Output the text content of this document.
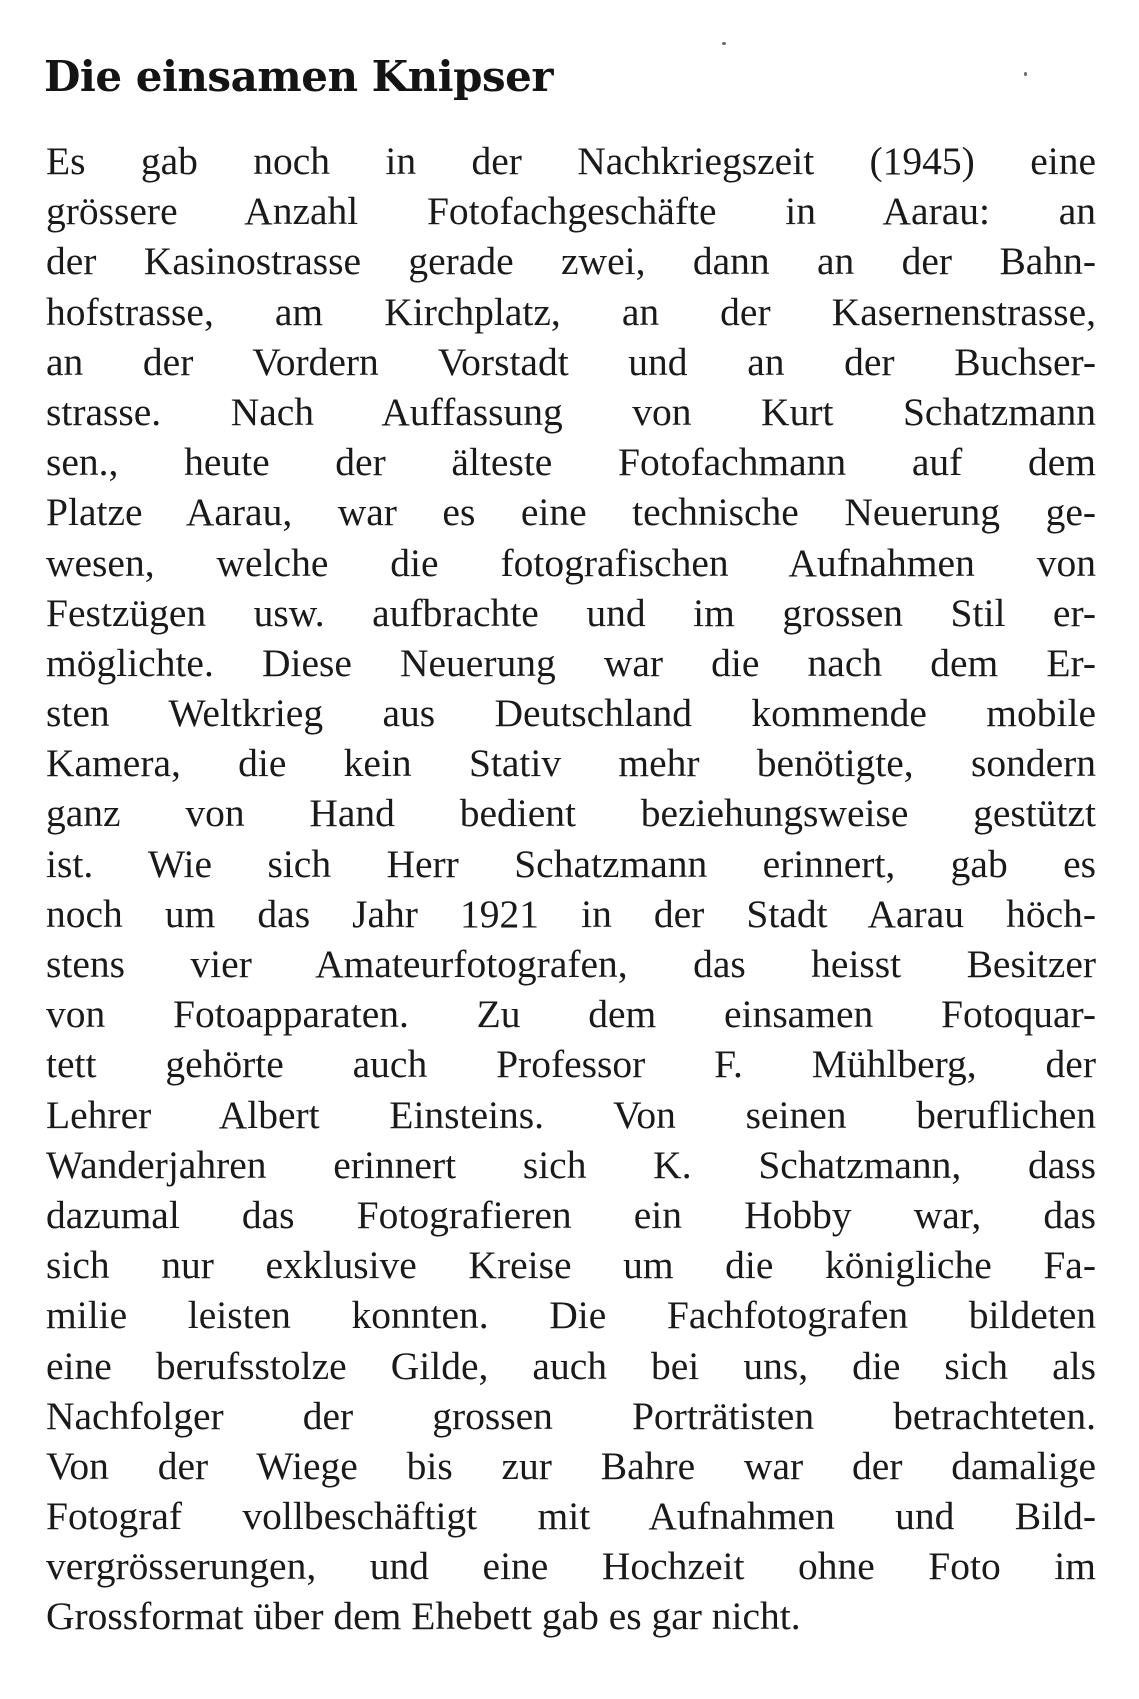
Die einsamen Knipser
Es gab noch in der Nachkriegszeit (1945) eine
grössere Anzahl Fotofachgeschäfte in Aarau: an
der Kasinostrasse gerade zwei, dann an der Bahn-
hofstrasse, am Kirchplatz, an der Kasernenstrasse,
an der Vordern Vorstadt und an der Buchser-
strasse. Nach Auffassung von Kurt Schatzmann
sen., heute der älteste Fotofachmann auf dem
Platze Aarau, war es eine technische Neuerung ge-
wesen, welche die fotografischen Aufnahmen von
Festzügen usw. aufbrachte und im grossen Stil er-
möglichte. Diese Neuerung war die nach dem Er-
sten Weltkrieg aus Deutschland kommende mobile
Kamera, die kein Stativ mehr benötigte, sondern
ganz von Hand bedient beziehungsweise gestützt
ist. Wie sich Herr Schatzmann erinnert, gab es
noch um das Jahr 1921 in der Stadt Aarau höch-
stens vier Amateurfotografen, das heisst Besitzer
von Fotoapparaten. Zu dem einsamen Fotoquar-
tett gehörte auch Professor F. Mühlberg, der
Lehrer Albert Einsteins. Von seinen beruflichen
Wanderjahren erinnert sich K. Schatzmann, dass
dazumal das Fotografieren ein Hobby war, das
sich nur exklusive Kreise um die königliche Fa-
milie leisten konnten. Die Fachfotografen bildeten
eine berufsstolze Gilde, auch bei uns, die sich als
Nachfolger der grossen Porträtisten betrachteten.
Von der Wiege bis zur Bahre war der damalige
Fotograf vollbeschäftigt mit Aufnahmen und Bild-
vergrösserungen, und eine Hochzeit ohne Foto im
Grossformat über dem Ehebett gab es gar nicht.
